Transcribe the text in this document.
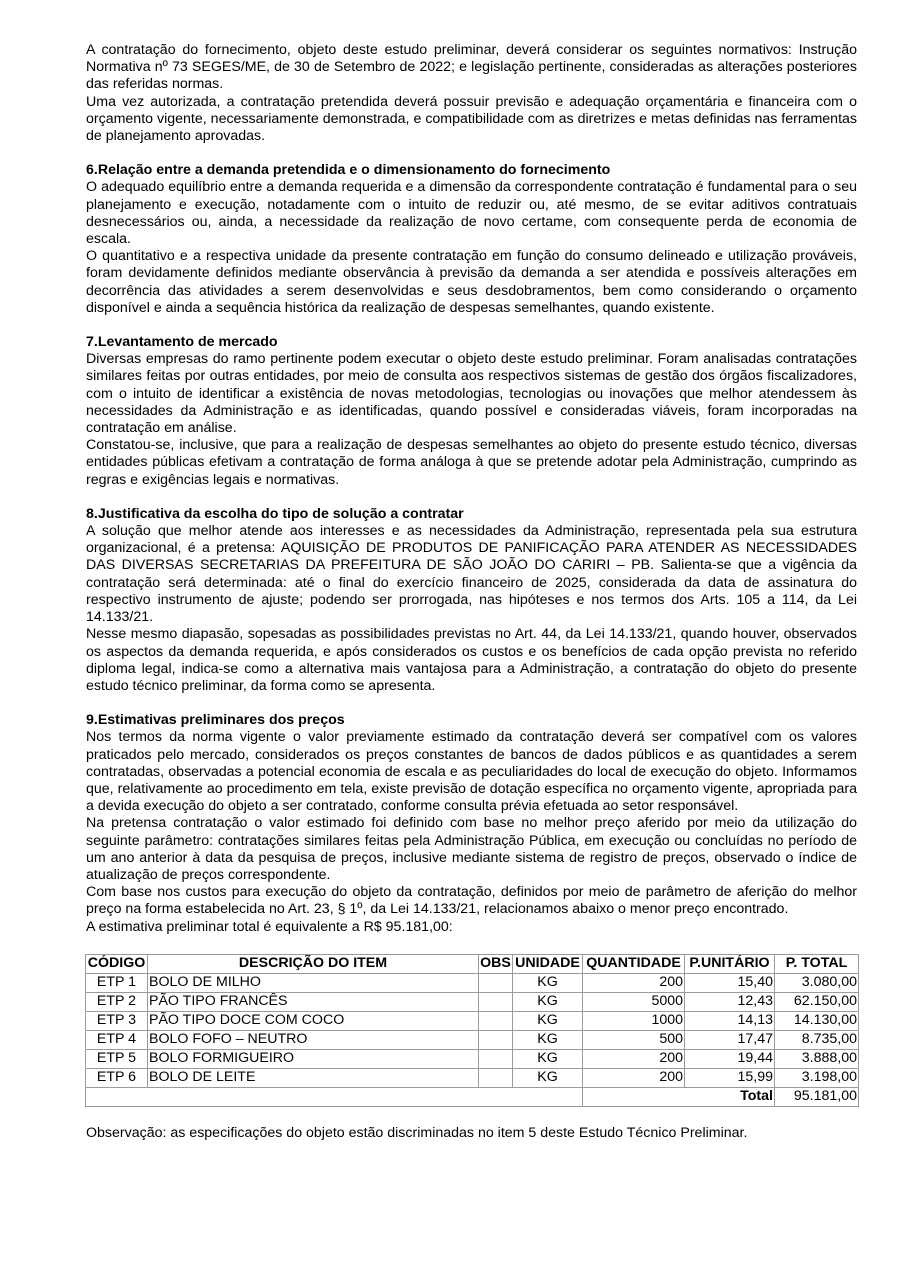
A contratação do fornecimento, objeto deste estudo preliminar, deverá considerar os seguintes normativos: Instrução Normativa nº 73 SEGES/ME, de 30 de Setembro de 2022; e legislação pertinente, consideradas as alterações posteriores das referidas normas.

Uma vez autorizada, a contratação pretendida deverá possuir previsão e adequação orçamentária e financeira com o orçamento vigente, necessariamente demonstrada, e compatibilidade com as diretrizes e metas definidas nas ferramentas de planejamento aprovadas.

6.Relação entre a demanda pretendida e o dimensionamento do fornecimento

O adequado equilíbrio entre a demanda requerida e a dimensão da correspondente contratação é fundamental para o seu planejamento e execução, notadamente com o intuito de reduzir ou, até mesmo, de se evitar aditivos contratuais desnecessários ou, ainda, a necessidade da realização de novo certame, com consequente perda de economia de escala.

O quantitativo e a respectiva unidade da presente contratação em função do consumo delineado e utilização prováveis, foram devidamente definidos mediante observância à previsão da demanda a ser atendida e possíveis alterações em decorrência das atividades a serem desenvolvidas e seus desdobramentos, bem como considerando o orçamento disponível e ainda a sequência histórica da realização de despesas semelhantes, quando existente.

7.Levantamento de mercado

Diversas empresas do ramo pertinente podem executar o objeto deste estudo preliminar. Foram analisadas contratações similares feitas por outras entidades, por meio de consulta aos respectivos sistemas de gestão dos órgãos fiscalizadores, com o intuito de identificar a existência de novas metodologias, tecnologias ou inovações que melhor atendessem às necessidades da Administração e as identificadas, quando possível e consideradas viáveis, foram incorporadas na contratação em análise.

Constatou-se, inclusive, que para a realização de despesas semelhantes ao objeto do presente estudo técnico, diversas entidades públicas efetivam a contratação de forma análoga à que se pretende adotar pela Administração, cumprindo as regras e exigências legais e normativas.

8.Justificativa da escolha do tipo de solução a contratar

A solução que melhor atende aos interesses e as necessidades da Administração, representada pela sua estrutura organizacional, é a pretensa: AQUISIÇÃO DE PRODUTOS DE PANIFICAÇÃO PARA ATENDER AS NECESSIDADES DAS DIVERSAS SECRETARIAS DA PREFEITURA DE SÃO JOÃO DO CARIRI – PB. Salienta-se que a vigência da contratação será determinada: até o final do exercício financeiro de 2025, considerada da data de assinatura do respectivo instrumento de ajuste; podendo ser prorrogada, nas hipóteses e nos termos dos Arts. 105 a 114, da Lei 14.133/21.

Nesse mesmo diapasão, sopesadas as possibilidades previstas no Art. 44, da Lei 14.133/21, quando houver, observados os aspectos da demanda requerida, e após considerados os custos e os benefícios de cada opção prevista no referido diploma legal, indica-se como a alternativa mais vantajosa para a Administração, a contratação do objeto do presente estudo técnico preliminar, da forma como se apresenta.

9.Estimativas preliminares dos preços

Nos termos da norma vigente o valor previamente estimado da contratação deverá ser compatível com os valores praticados pelo mercado, considerados os preços constantes de bancos de dados públicos e as quantidades a serem contratadas, observadas a potencial economia de escala e as peculiaridades do local de execução do objeto. Informamos que, relativamente ao procedimento em tela, existe previsão de dotação específica no orçamento vigente, apropriada para a devida execução do objeto a ser contratado, conforme consulta prévia efetuada ao setor responsável.

Na pretensa contratação o valor estimado foi definido com base no melhor preço aferido por meio da utilização do seguinte parâmetro: contratações similares feitas pela Administração Pública, em execução ou concluídas no período de um ano anterior à data da pesquisa de preços, inclusive mediante sistema de registro de preços, observado o índice de atualização de preços correspondente.

Com base nos custos para execução do objeto da contratação, definidos por meio de parâmetro de aferição do melhor preço na forma estabelecida no Art. 23, § 1º, da Lei 14.133/21, relacionamos abaixo o menor preço encontrado.

A estimativa preliminar total é equivalente a R$ 95.181,00:

CÓDIGO	DESCRIÇÃO DO ITEM	OBS	UNIDADE	QUANTIDADE	P.UNITÁRIO	P. TOTAL
ETP 1	BOLO DE MILHO		KG	200	15,40	3.080,00
ETP 2	PÃO TIPO FRANCÊS		KG	5000	12,43	62.150,00
ETP 3	PÃO TIPO DOCE COM COCO		KG	1000	14,13	14.130,00
ETP 4	BOLO FOFO – NEUTRO		KG	500	17,47	8.735,00
ETP 5	BOLO FORMIGUEIRO		KG	200	19,44	3.888,00
ETP 6	BOLO DE LEITE		KG	200	15,99	3.198,00
				Total		95.181,00

Observação: as especificações do objeto estão discriminadas no item 5 deste Estudo Técnico Preliminar.
